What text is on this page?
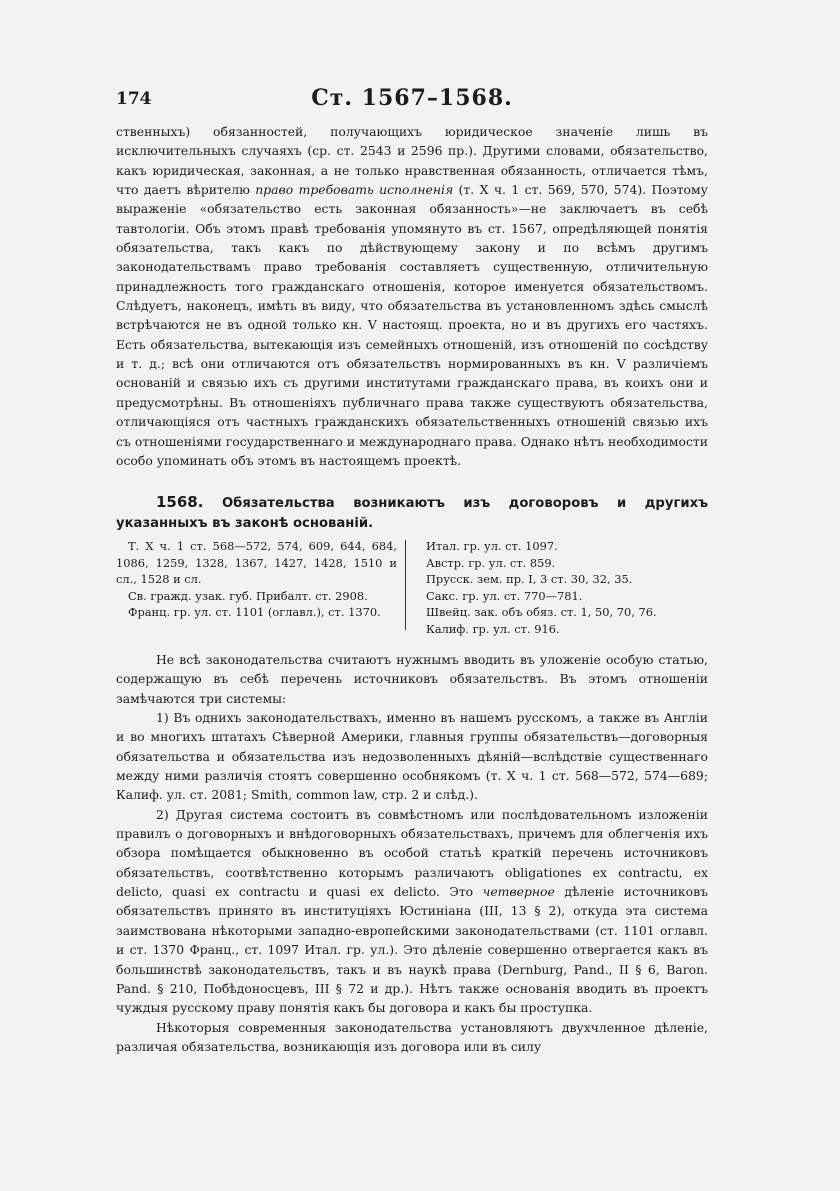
174	Ст. 1567–1568.

ственныхъ) обязанностей, получающихъ юридическое значеніе лишь въ исключительныхъ случаяхъ (ср. ст. 2543 и 2596 пр.). Другими словами, обязательство, какъ юридическая, законная, а не только нравственная обязанность, отличается тѣмъ, что даетъ вѣрителю право требовать исполненія (т. X ч. 1 ст. 569, 570, 574). Поэтому выраженіе «обязательство есть законная обязанность»—не заключаетъ въ себѣ тавтологіи. Объ этомъ правѣ требованія упомянуто въ ст. 1567, опредѣляющей понятія обязательства, такъ какъ по дѣйствующему закону и по всѣмъ другимъ законодательствамъ право требованія составляетъ существенную, отличительную принадлежность того гражданскаго отношенія, которое именуется обязательствомъ. Слѣдуетъ, наконецъ, имѣть въ виду, что обязательства въ установленномъ здѣсь смыслѣ встрѣчаются не въ одной только кн. V настоящ. проекта, но и въ другихъ его частяхъ. Есть обязательства, вытекающія изъ семейныхъ отношеній, изъ отношеній по сосѣдству и т. д.; всѣ они отличаются отъ обязательствъ нормированныхъ въ кн. V различіемъ основаній и связью ихъ съ другими институтами гражданскаго права, въ коихъ они и предусмотрѣны. Въ отношеніяхъ публичнаго права также существуютъ обязательства, отличающіяся отъ частныхъ гражданскихъ обязательственныхъ отношеній связью ихъ съ отношеніями государственнаго и международнаго права. Однако нѣтъ необходимости особо упоминать объ этомъ въ настоящемъ проектѣ.

1568. Обязательства возникаютъ изъ договоровъ и другихъ указанныхъ въ законѣ основаній.

Т. X ч. 1 ст. 568—572, 574, 609, 644, 684, 1086, 1259, 1328, 1367, 1427, 1428, 1510 и сл., 1528 и сл.

Св. гражд. узак. губ. Прибалт. ст. 2908.

Франц. гр. ул. ст. 1101 (оглавл.), ст. 1370.

Итал. гр. ул. ст. 1097.

Австр. гр. ул. ст. 859.

Прусск. зем. пр. I, 3 ст. 30, 32, 35.

Сакс. гр. ул. ст. 770—781.

Швейц. зак. объ обяз. ст. 1, 50, 70, 76.

Калиф. гр. ул. ст. 916.

Не всѣ законодательства считаютъ нужнымъ вводить въ уложеніе особую статью, содержащую въ себѣ перечень источниковъ обязательствъ. Въ этомъ отношеніи замѣчаются три системы:

1) Въ однихъ законодательствахъ, именно въ нашемъ русскомъ, а также въ Англіи и во многихъ штатахъ Сѣверной Америки, главныя группы обязательствъ—договорныя обязательства и обязательства изъ недозволенныхъ дѣяній—вслѣдствіе существеннаго между ними различія стоятъ совершенно особнякомъ (т. X ч. 1 ст. 568—572, 574—689; Калиф. ул. ст. 2081; Smith, common law, стр. 2 и слѣд.).

2) Другая система состоитъ въ совмѣстномъ или послѣдовательномъ изложеніи правилъ о договорныхъ и внѣдоговорныхъ обязательствахъ, причемъ для облегченія ихъ обзора помѣщается обыкновенно въ особой статьѣ краткій перечень источниковъ обязательствъ, соотвѣтственно которымъ различаютъ obligationes ex contractu, ex delicto, quasi ex contractu и quasi ex delicto. Это четверное дѣленіе источниковъ обязательствъ принято въ институціяхъ Юстиніана (III, 13 § 2), откуда эта система заимствована нѣкоторыми западно-европейскими законодательствами (ст. 1101 оглавл. и ст. 1370 Франц., ст. 1097 Итал. гр. ул.). Это дѣленіе совершенно отвергается какъ въ большинствѣ законодательствъ, такъ и въ наукѣ права (Dernburg, Pand., II § 6, Baron. Pand. § 210, Побѣдоносцевъ, III § 72 и др.). Нѣтъ также основанія вводить въ проектъ чуждыя русскому праву понятія какъ бы договора и какъ бы проступка.

Нѣкоторыя современныя законодательства установляютъ двухчленное дѣленіе, различая обязательства, возникающія изъ договора или въ силу
